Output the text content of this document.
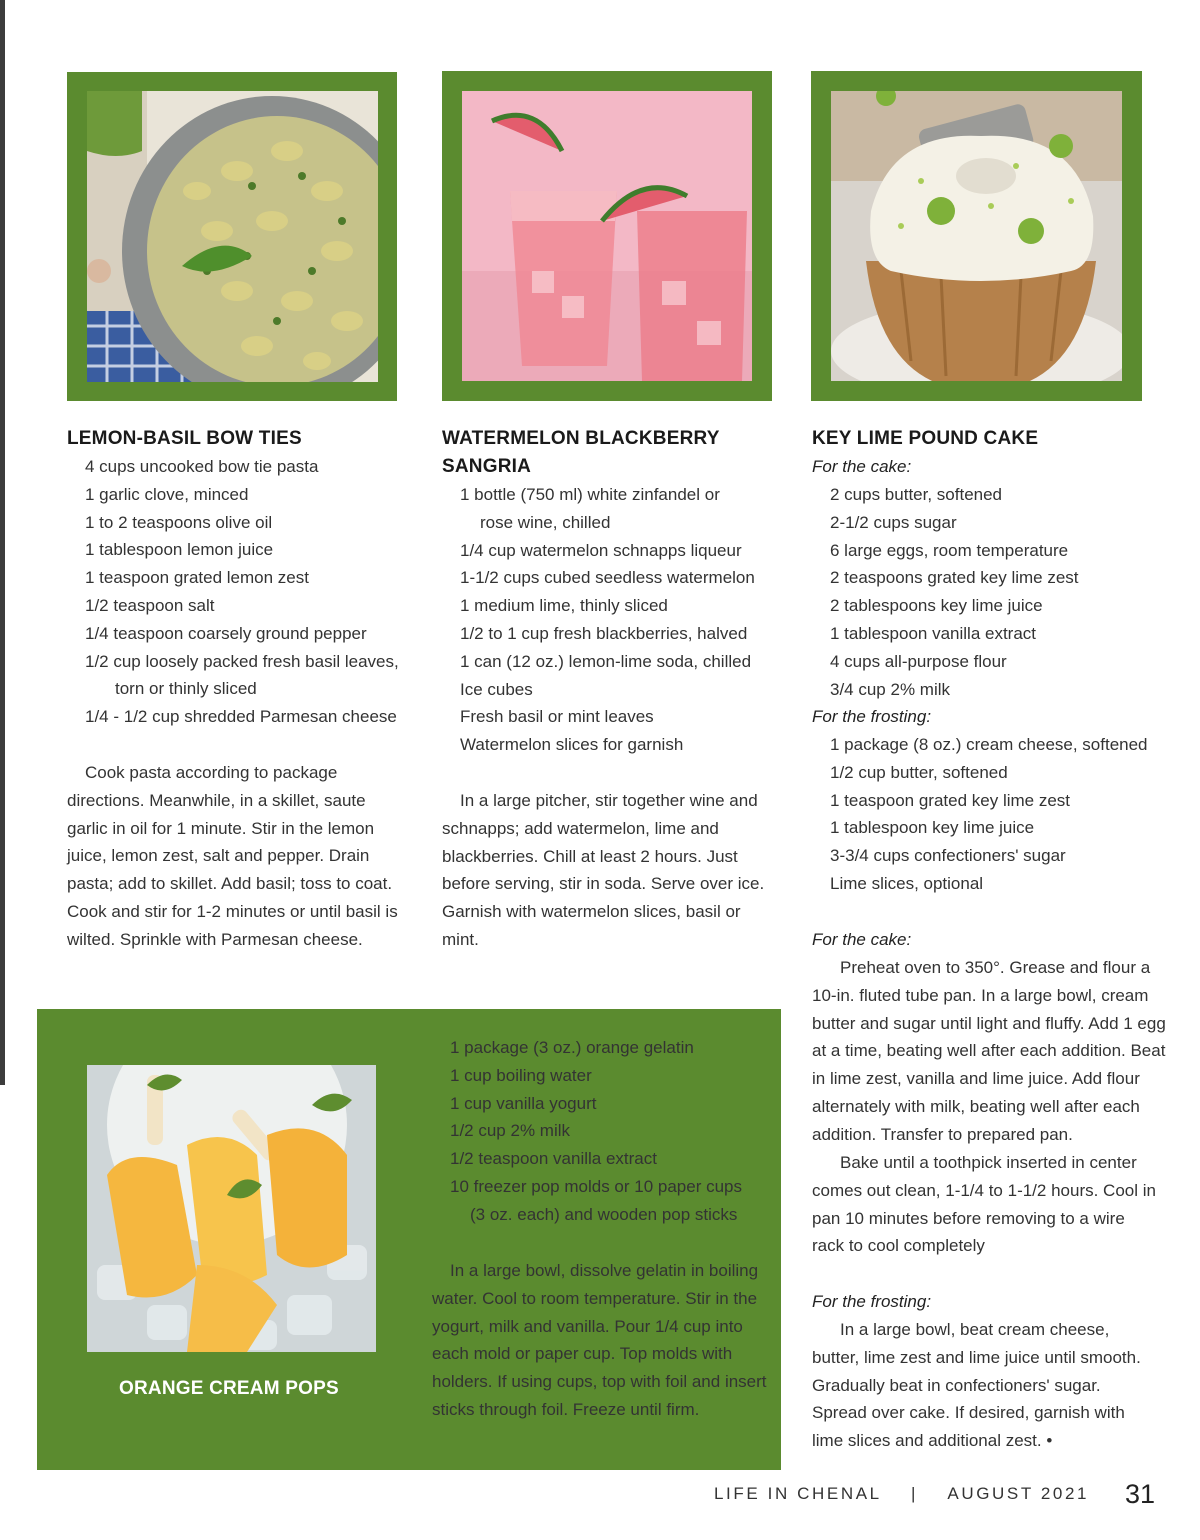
LEMON-BASIL BOW TIES
4 cups uncooked bow tie pasta
1 garlic clove, minced
1 to 2 teaspoons olive oil
1 tablespoon lemon juice
1 teaspoon grated lemon zest
1/2 teaspoon salt
1/4 teaspoon coarsely ground pepper
1/2 cup loosely packed fresh basil leaves,
torn or thinly sliced
1/4 - 1/2 cup shredded Parmesan cheese

Cook pasta according to package directions. Meanwhile, in a skillet, saute garlic in oil for 1 minute. Stir in the lemon juice, lemon zest, salt and pepper. Drain pasta; add to skillet. Add basil; toss to coat. Cook and stir for 1-2 minutes or until basil is wilted. Sprinkle with Parmesan cheese.

WATERMELON BLACKBERRY
SANGRIA
1 bottle (750 ml) white zinfandel or
rose wine, chilled
1/4 cup watermelon schnapps liqueur
1-1/2 cups cubed seedless watermelon
1 medium lime, thinly sliced
1/2 to 1 cup fresh blackberries, halved
1 can (12 oz.) lemon-lime soda, chilled
Ice cubes
Fresh basil or mint leaves
Watermelon slices for garnish

In a large pitcher, stir together wine and schnapps; add watermelon, lime and blackberries. Chill at least 2 hours. Just before serving, stir in soda. Serve over ice. Garnish with watermelon slices, basil or mint.

KEY LIME POUND CAKE

For the cake:

2 cups butter, softened
2-1/2 cups sugar
6 large eggs, room temperature
2 teaspoons grated key lime zest
2 tablespoons key lime juice
1 tablespoon vanilla extract
4 cups all-purpose flour
3/4 cup 2% milk

For the frosting:

1 package (8 oz.) cream cheese, softened
1/2 cup butter, softened
1 teaspoon grated key lime zest
1 tablespoon key lime juice
3-3/4 cups confectioners' sugar
Lime slices, optional

For the cake:

Preheat oven to 350°. Grease and flour a 10-in. fluted tube pan. In a large bowl, cream butter and sugar until light and fluffy. Add 1 egg at a time, beating well after each addition. Beat in lime zest, vanilla and lime juice. Add flour alternately with milk, beating well after each addition. Transfer to prepared pan.

Bake until a toothpick inserted in center comes out clean, 1-1/4 to 1-1/2 hours. Cool in pan 10 minutes before removing to a wire rack to cool completely

For the frosting:

In a large bowl, beat cream cheese, butter, lime zest and lime juice until smooth. Gradually beat in confectioners' sugar. Spread over cake. If desired, garnish with lime slices and additional zest. •

ORANGE CREAM POPS
1 package (3 oz.) orange gelatin
1 cup boiling water
1 cup vanilla yogurt
1/2 cup 2% milk
1/2 teaspoon vanilla extract
10 freezer pop molds or 10 paper cups
(3 oz. each) and wooden pop sticks

In a large bowl, dissolve gelatin in boiling water. Cool to room temperature. Stir in the yogurt, milk and vanilla. Pour 1/4 cup into each mold or paper cup. Top molds with holders. If using cups, top with foil and insert sticks through foil. Freeze until firm.

LIFE IN CHENAL | AUGUST 2021 31
